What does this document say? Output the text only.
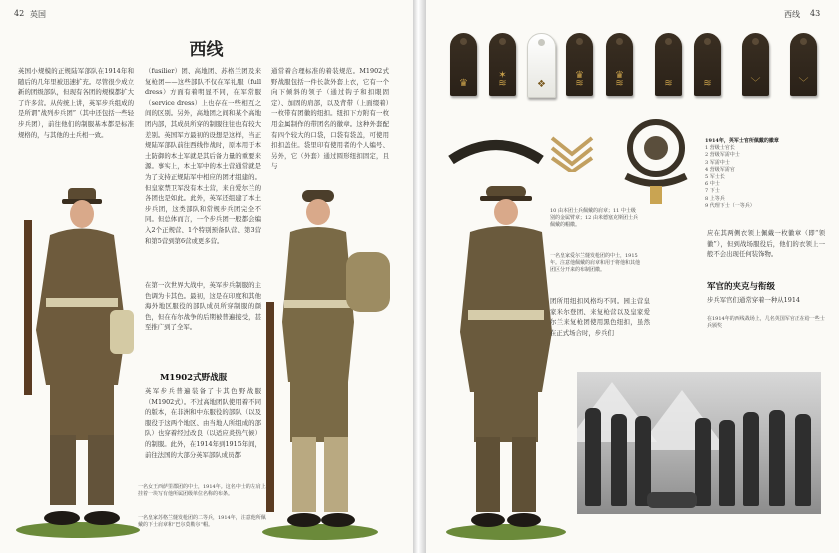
42 英国
西线
英国小规模的正规陆军部队在1914年和随后的几年里被迅速扩充。尽管很少成立新的团级部队，但现有各团的规模都扩大了许多营。从传统上讲，英军步兵组成的是所谓“战列步兵团”（其中还包括一些轻步兵团），前往他们的制服基本都是标准规格的，与其他的士兵相一致。
（fusilier）团、高地团、苏格兰团及来复枪团——这些部队不仅在军礼服（full dress）方面有着明显不同，在军常服（service dress）上也存在一些相互之间的区别。另外，高地团之间和某个高地团内部，其成员所穿的制服往往也有较大差别。英国军方最初的设想是这样，当正规陆军部队前往西线作战时，原本用于本土防御的本土军就是其后备力量的重要来源。事实上，本土军中的本土营通常就是为了支持正规陆军中相应的团才组建的。但皇家禁卫军没有本土营，来自爱尔兰的各团也是如此。此外，英军还组建了本土步兵团，这类部队和常规步兵团完全不同。但总体而言，一个步兵团一般都会编入2个正规营、1个特别预备队营、第3营和第5营到第6营或更多营。
在第一次世界大战中，英军步兵制服的主色调为卡其色。最初，这是在印度和其他海外地区服役的部队成员所穿制服的颜色，但在布尔战争的后期被普遍接受，甚至推广到了全军。
通常着合理标准的着装规范。M1902式野战服包括一件长款外套上衣，它有一个向下倾斜的领子（通过钩子和扣眼固定）、加固的肩部，以及背带（上面缀着）一枚带有团徽的纽扣。纽扣下方附有一枚用金属制作的带团名的徽章。这种外套配有四个较大的口袋，口袋有袋盖，可使用扣扣盖住。袋里印有使用者的个人编号、另外，它（外套）通过圆形纽扣固定，且与
M1902式野战服
英军步兵普遍装备了卡其色野战服（M1902式）。不过高地团队使用着不同的版本，在非洲和中东服役的部队（以及服役于这两个地区、由当地人所组成的部队）也穿着经过改良（以适应炎热气候）的制服。此外，在1914年到1915年间，前往法国的大部分英军部队成员都
一名女王西萨里郡团的中士，1914年。这名中士的左肩上挂着一块写有他所属团级单位名称的布条。
一名皇家苏格兰燧发枪团的二等兵，1914年，注意他所佩戴的下士肩章和“巴尔莫勒尔”帽。
西线 43
♛
✶
≋	❖
♛
≋
♛
≋	≋	≋	﹀	﹀
1914年，英军士官所佩戴的徽章
1 营级士官长
2 营级军需中士
3 军需中士
4 营级军需官
5 军士长
6 中士
7 下士
8 上等兵
9 代理下士（一等兵）
10 由本团士兵佩戴的肩章；11 中士级别的金属臂章；12 由米德塞克斯团士兵佩戴的帽徽。
一名皇家爱尔兰燧发枪团的中士，1915年。注意他佩戴的肩章和用于将他和其他团区分开来的布制团徽。
团所用纽扣风格均不同。园主营皇家米尔登团、来复枪营以及皇家爱尔兰来复枪团使用黑色纽扣，虽然在正式场合时，步兵们
应在其两侧衣领上佩戴一枚徽章（即“领徽”），但到战场服役后，他们的衣领上一般不会出现任何装饰物。
军官的夹克与衔级
步兵军官们通常穿着一种从1914
在1914年的西线战场上，几名英国军官正在给一些士兵颁奖
